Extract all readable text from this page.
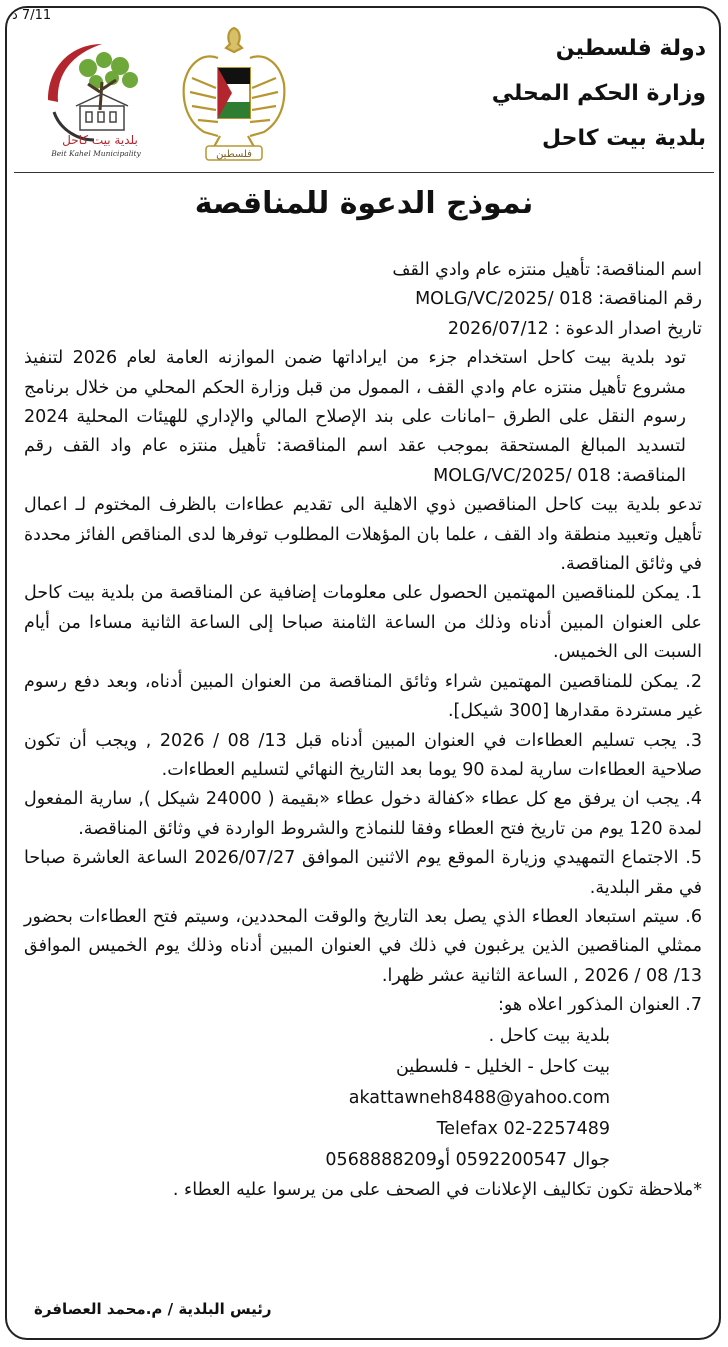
7/11 د
دولة فلسطين
وزارة الحكم المحلي
بلدية بيت كاحل
فلسطين
بلدية بيت كاحل
Beit Kahel Municipality
نموذج الدعوة للمناقصة

اسم المناقصة: تأهيل منتزه عام وادي القف

رقم المناقصة: MOLG/VC/2025/ 018

تاريخ اصدار الدعوة : 2026/07/12

تود بلدية بيت كاحل استخدام جزء من ايراداتها ضمن الموازنه العامة لعام 2026 لتنفيذ مشروع تأهيل منتزه عام وادي القف ، الممول من قبل وزارة الحكم المحلي من خلال برنامج رسوم النقل على الطرق –امانات على بند الإصلاح المالي والإداري للهيئات المحلية 2024 لتسديد المبالغ المستحقة بموجب عقد اسم المناقصة: تأهيل منتزه عام واد القف رقم المناقصة: MOLG/VC/2025/ 018

تدعو بلدية بيت كاحل المناقصين ذوي الاهلية الى تقديم عطاءات بالظرف المختوم لـ اعمال تأهيل وتعبيد منطقة واد القف ، علما بان المؤهلات المطلوب توفرها لدى المناقص الفائز محددة في وثائق المناقصة.

1. يمكن للمناقصين المهتمين الحصول على معلومات إضافية عن المناقصة من بلدية بيت كاحل على العنوان المبين أدناه وذلك من الساعة الثامنة صباحا إلى الساعة الثانية مساءا من أيام السبت الى الخميس.

2. يمكن للمناقصين المهتمين شراء وثائق المناقصة من العنوان المبين أدناه، وبعد دفع رسوم غير مستردة مقدارها [300 شيكل].

3. يجب تسليم العطاءات في العنوان المبين أدناه قبل 13/ 08 / 2026 , ويجب أن تكون صلاحية العطاءات سارية لمدة 90 يوما بعد التاريخ النهائي لتسليم العطاءات.

4. يجب ان يرفق مع كل عطاء «كفالة دخول عطاء «بقيمة ( 24000 شيكل ), سارية المفعول لمدة 120 يوم من تاريخ فتح العطاء وفقا للنماذج والشروط الواردة في وثائق المناقصة.

5. الاجتماع التمهيدي وزيارة الموقع يوم الاثنين الموافق 2026/07/27 الساعة العاشرة صباحا في مقر البلدية.

6. سيتم استبعاد العطاء الذي يصل بعد التاريخ والوقت المحددين، وسيتم فتح العطاءات بحضور ممثلي المناقصين الذين يرغبون في ذلك في العنوان المبين أدناه وذلك يوم الخميس الموافق 13/ 08 / 2026 , الساعة الثانية عشر ظهرا.

7. العنوان المذكور اعلاه هو:

بلدية بيت كاحل .
بيت كاحل - الخليل - فلسطين
akattawneh8488@yahoo.com
Telefax 02-2257489
جوال 0592200547 أو0568888209

*ملاحظة تكون تكاليف الإعلانات في الصحف على من يرسوا عليه العطاء .

رئيس البلدية / م.محمد العصافرة
